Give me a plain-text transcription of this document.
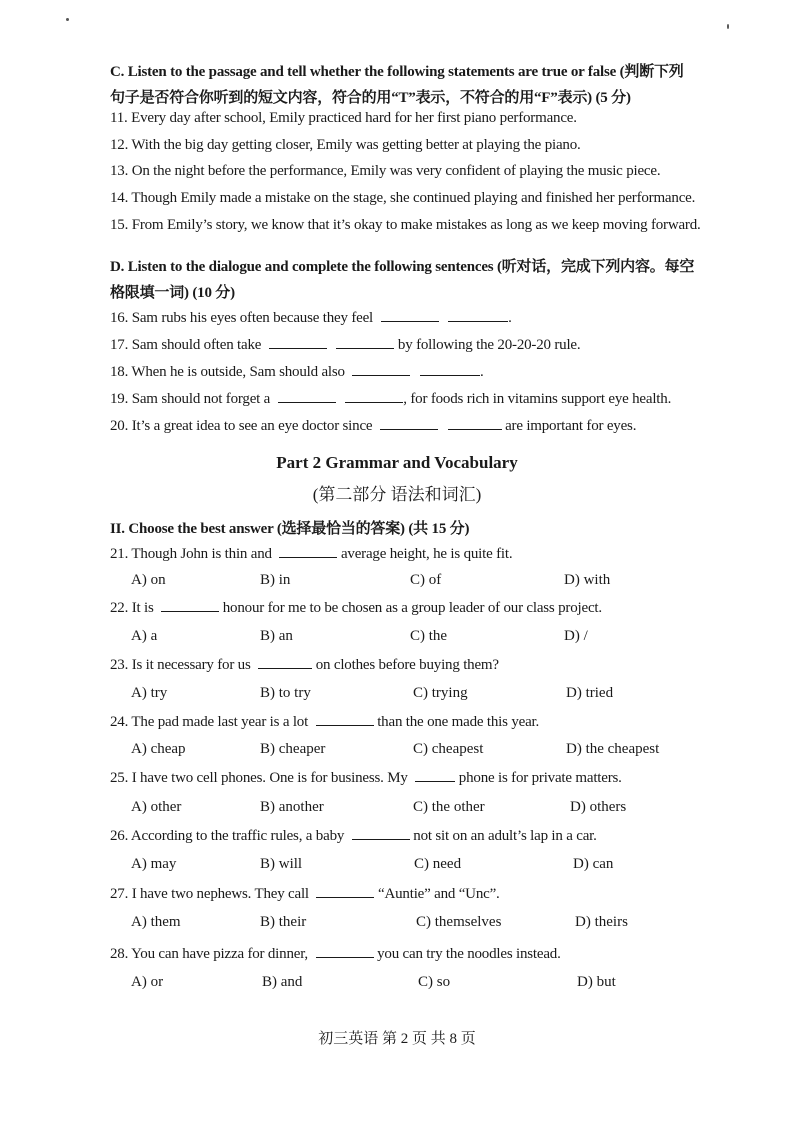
C. Listen to the passage and tell whether the following statements are true or false (判断下列
句子是否符合你听到的短文内容，符合的用“T”表示，不符合的用“F”表示) (5 分)
11. Every day after school, Emily practiced hard for her first piano performance.
12. With the big day getting closer, Emily was getting better at playing the piano.
13. On the night before the performance, Emily was very confident of playing the music piece.
14. Though Emily made a mistake on the stage, she continued playing and finished her performance.
15. From Emily’s story, we know that it’s okay to make mistakes as long as we keep moving forward.
D. Listen to the dialogue and complete the following sentences (听对话，完成下列内容。每空
格限填一词) (10 分)
16. Sam rubs his eyes often because they feel	.
17. Sam should often take	by following the 20-20-20 rule.
18. When he is outside, Sam should also	.
19. Sam should not forget a	, for foods rich in vitamins support eye health.
20. It’s a great idea to see an eye doctor since	are important for eyes.
Part 2 Grammar and Vocabulary
(第二部分 语法和词汇)
II. Choose the best answer (选择最恰当的答案) (共 15 分)
21. Though John is thin and	average height, he is quite fit.
A) on	B) in	C) of	D) with
22. It is	honour for me to be chosen as a group leader of our class project.
A) a	B) an	C) the	D) /
23. Is it necessary for us	on clothes before buying them?
A) try	B) to try	C) trying	D) tried
24. The pad made last year is a lot	than the one made this year.
A) cheap	B) cheaper	C) cheapest	D) the cheapest
25. I have two cell phones. One is for business. My	phone is for private matters.
A) other	B) another	C) the other	D) others
26. According to the traffic rules, a baby	not sit on an adult’s lap in a car.
A) may	B) will	C) need	D) can
27. I have two nephews. They call	“Auntie” and “Unc”.
A) them	B) their	C) themselves	D) theirs
28. You can have pizza for dinner,	you can try the noodles instead.
A) or	B) and	C) so	D) but
初三英语 第 2 页 共 8 页
